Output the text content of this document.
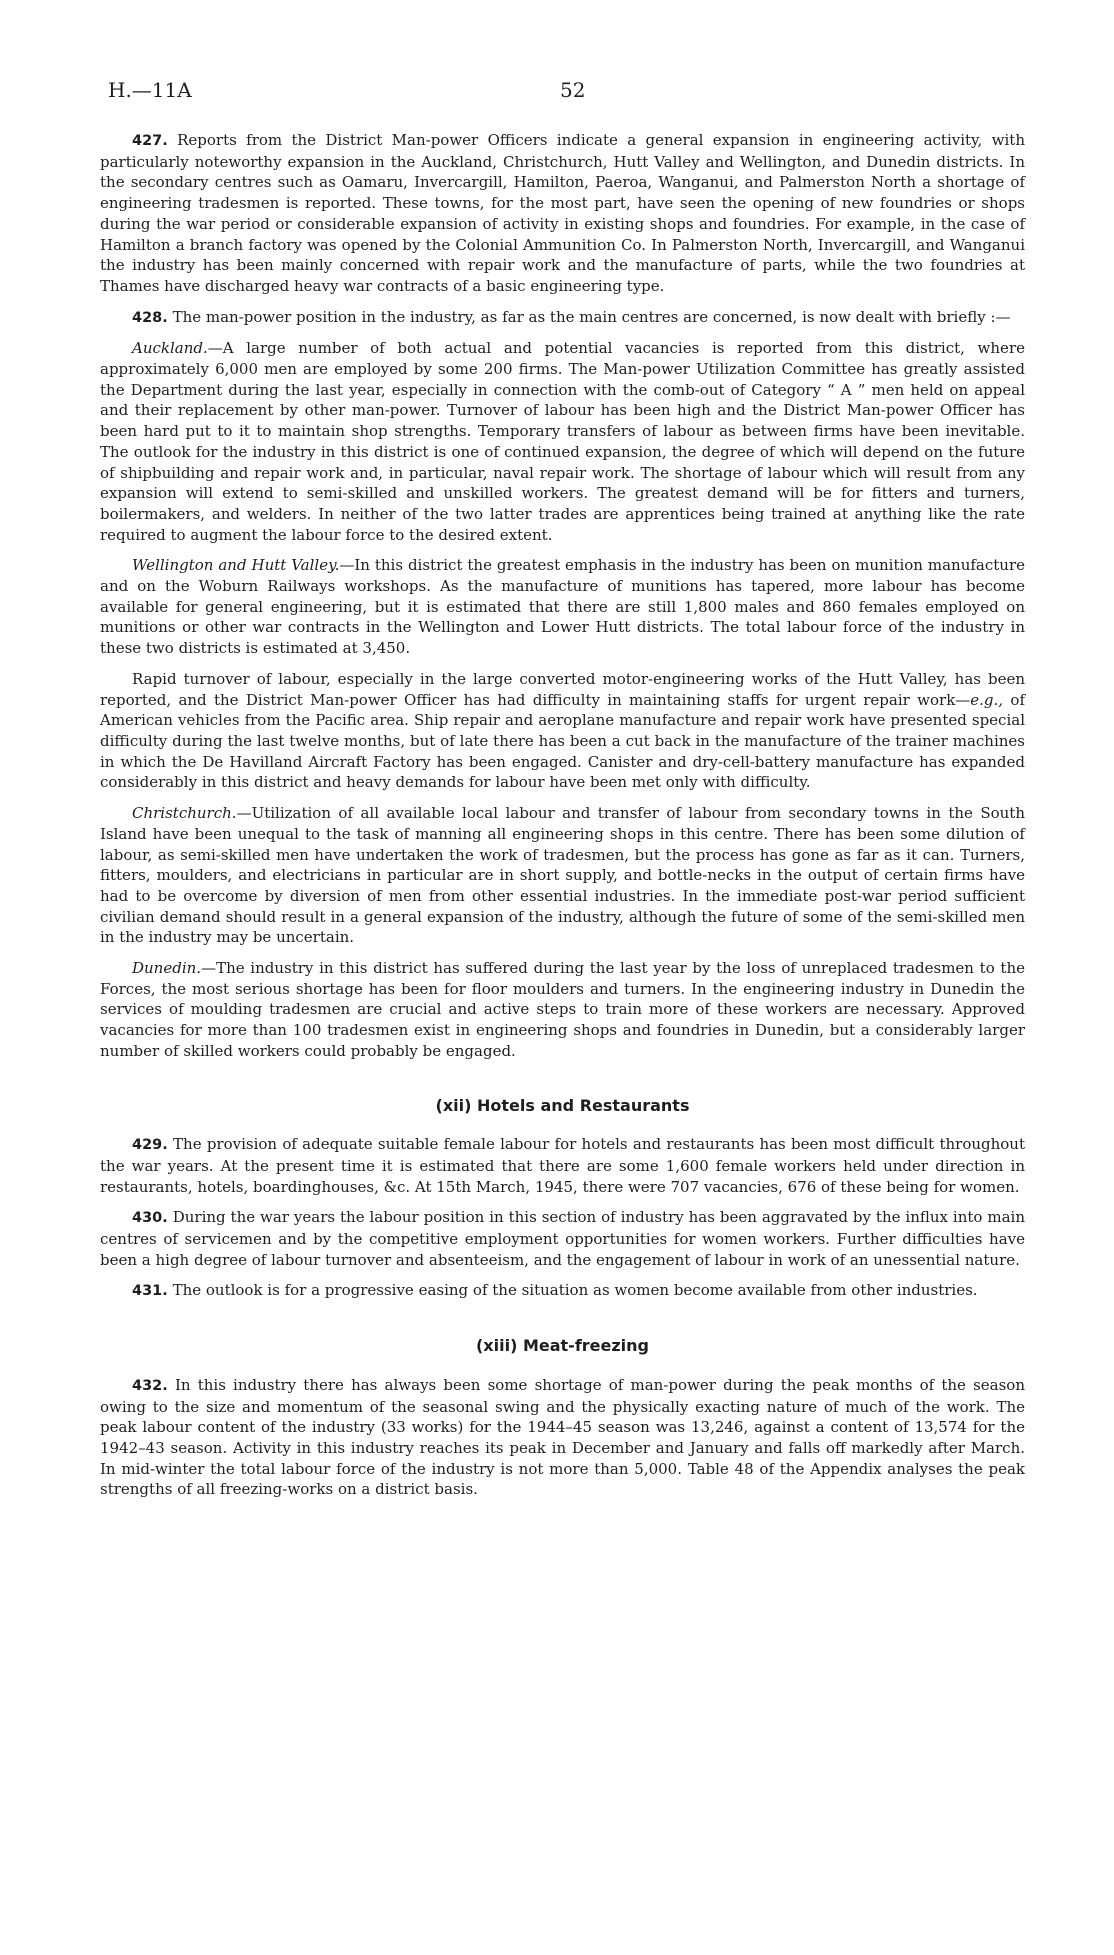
H.—11A	52

427. Reports from the District Man-power Officers indicate a general expansion in engineering activity, with particularly noteworthy expansion in the Auckland, Christchurch, Hutt Valley and Wellington, and Dunedin districts. In the secondary centres such as Oamaru, Invercargill, Hamilton, Paeroa, Wanganui, and Palmerston North a shortage of engineering tradesmen is reported. These towns, for the most part, have seen the opening of new foundries or shops during the war period or considerable expansion of activity in existing shops and foundries. For example, in the case of Hamilton a branch factory was opened by the Colonial Ammunition Co. In Palmerston North, Invercargill, and Wanganui the industry has been mainly concerned with repair work and the manufacture of parts, while the two foundries at Thames have discharged heavy war contracts of a basic engineering type.

428. The man-power position in the industry, as far as the main centres are concerned, is now dealt with briefly :—

Auckland.—A large number of both actual and potential vacancies is reported from this district, where approximately 6,000 men are employed by some 200 firms. The Man-power Utilization Committee has greatly assisted the Department during the last year, especially in connection with the comb-out of Category “ A ” men held on appeal and their replacement by other man-power. Turnover of labour has been high and the District Man-power Officer has been hard put to it to maintain shop strengths. Temporary transfers of labour as between firms have been inevitable. The outlook for the industry in this district is one of continued expansion, the degree of which will depend on the future of shipbuilding and repair work and, in particular, naval repair work. The shortage of labour which will result from any expansion will extend to semi-skilled and unskilled workers. The greatest demand will be for fitters and turners, boilermakers, and welders. In neither of the two latter trades are apprentices being trained at anything like the rate required to augment the labour force to the desired extent.

Wellington and Hutt Valley.—In this district the greatest emphasis in the industry has been on munition manufacture and on the Woburn Railways workshops. As the manufacture of munitions has tapered, more labour has become available for general engineering, but it is estimated that there are still 1,800 males and 860 females employed on munitions or other war contracts in the Wellington and Lower Hutt districts. The total labour force of the industry in these two districts is estimated at 3,450.

Rapid turnover of labour, especially in the large converted motor-engineering works of the Hutt Valley, has been reported, and the District Man-power Officer has had difficulty in maintaining staffs for urgent repair work—e.g., of American vehicles from the Pacific area. Ship repair and aeroplane manufacture and repair work have presented special difficulty during the last twelve months, but of late there has been a cut back in the manufacture of the trainer machines in which the De Havilland Aircraft Factory has been engaged. Canister and dry-cell-battery manufacture has expanded considerably in this district and heavy demands for labour have been met only with difficulty.

Christchurch.—Utilization of all available local labour and transfer of labour from secondary towns in the South Island have been unequal to the task of manning all engineering shops in this centre. There has been some dilution of labour, as semi-skilled men have undertaken the work of tradesmen, but the process has gone as far as it can. Turners, fitters, moulders, and electricians in particular are in short supply, and bottle-necks in the output of certain firms have had to be overcome by diversion of men from other essential industries. In the immediate post-war period sufficient civilian demand should result in a general expansion of the industry, although the future of some of the semi-skilled men in the industry may be uncertain.

Dunedin.—The industry in this district has suffered during the last year by the loss of unreplaced tradesmen to the Forces, the most serious shortage has been for floor moulders and turners. In the engineering industry in Dunedin the services of moulding tradesmen are crucial and active steps to train more of these workers are necessary. Approved vacancies for more than 100 tradesmen exist in engineering shops and foundries in Dunedin, but a considerably larger number of skilled workers could probably be engaged.

(xii) Hotels and Restaurants

429. The provision of adequate suitable female labour for hotels and restaurants has been most difficult throughout the war years. At the present time it is estimated that there are some 1,600 female workers held under direction in restaurants, hotels, boardinghouses, &c. At 15th March, 1945, there were 707 vacancies, 676 of these being for women.

430. During the war years the labour position in this section of industry has been aggravated by the influx into main centres of servicemen and by the competitive employment opportunities for women workers. Further difficulties have been a high degree of labour turnover and absenteeism, and the engagement of labour in work of an unessential nature.

431. The outlook is for a progressive easing of the situation as women become available from other industries.

(xiii) Meat-freezing

432. In this industry there has always been some shortage of man-power during the peak months of the season owing to the size and momentum of the seasonal swing and the physically exacting nature of much of the work. The peak labour content of the industry (33 works) for the 1944–45 season was 13,246, against a content of 13,574 for the 1942–43 season. Activity in this industry reaches its peak in December and January and falls off markedly after March. In mid-winter the total labour force of the industry is not more than 5,000. Table 48 of the Appendix analyses the peak strengths of all freezing-works on a district basis.
